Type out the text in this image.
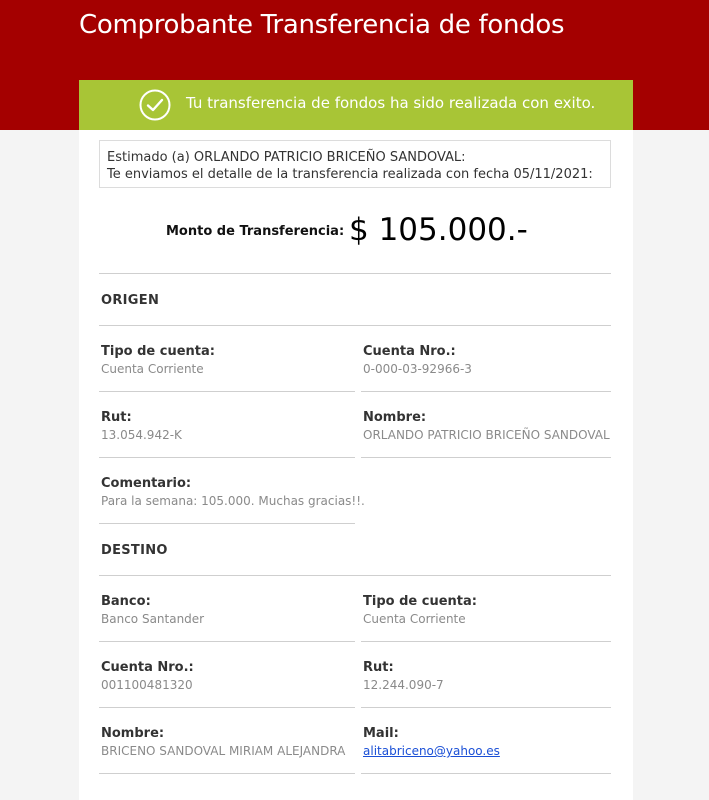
Comprobante Transferencia de fondos
Tu transferencia de fondos ha sido realizada con exito.
Estimado (a) ORLANDO PATRICIO BRICEÑO SANDOVAL:
Te enviamos el detalle de la transferencia realizada con fecha 05/11/2021:
Monto de Transferencia: $ 105.000.-
ORIGEN
Tipo de cuenta:
Cuenta Corriente
Cuenta Nro.:
0-000-03-92966-3
Rut:
13.054.942-K
Nombre:
ORLANDO PATRICIO BRICEÑO SANDOVAL
Comentario:
Para la semana: 105.000. Muchas gracias!!.
DESTINO
Banco:
Banco Santander
Tipo de cuenta:
Cuenta Corriente
Cuenta Nro.:
001100481320
Rut:
12.244.090-7
Nombre:
BRICENO SANDOVAL MIRIAM ALEJANDRA
Mail:
alitabriceno@yahoo.es
